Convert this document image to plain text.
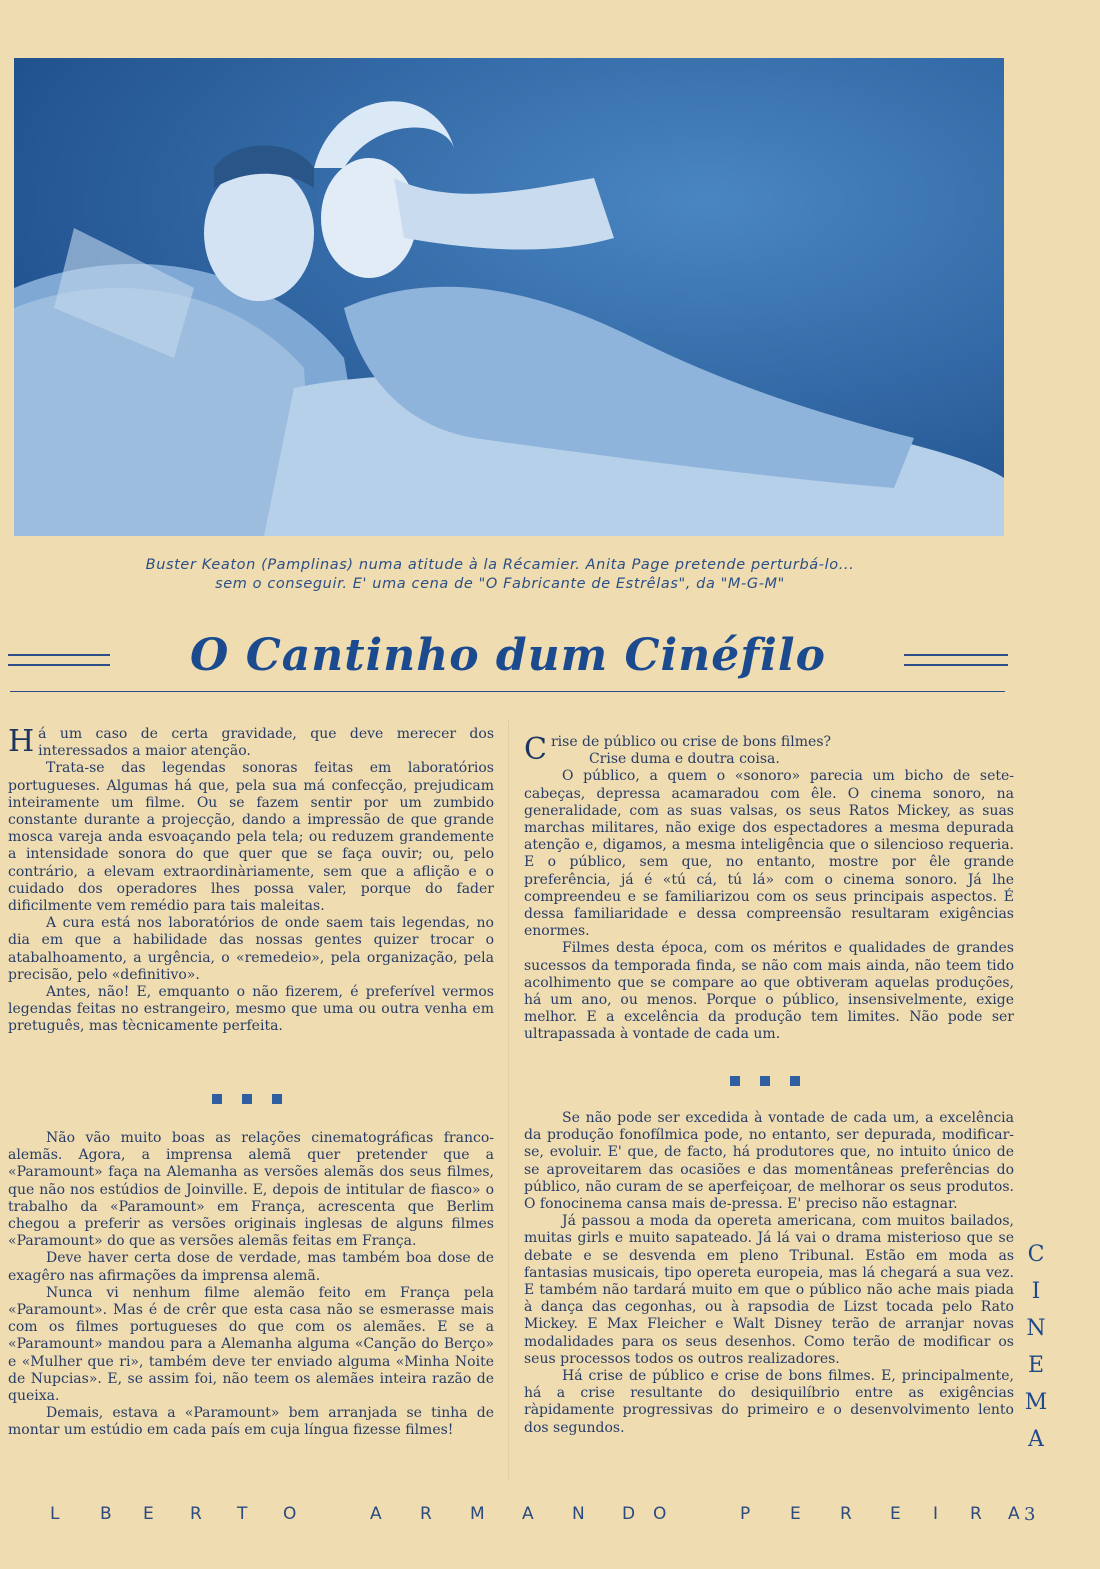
Buster Keaton (Pamplinas) numa atitude à la Récamier. Anita Page pretende perturbá-lo...
sem o conseguir. E' uma cena de "O Fabricante de Estrêlas", da "M-G-M"
O Cantinho dum Cinéfilo

Há um caso de certa gravidade, que deve merecer dos interessados a maior atenção.

Trata-se das legendas sonoras feitas em laboratórios portugueses. Algumas há que, pela sua má confecção, prejudicam inteiramente um filme. Ou se fazem sentir por um zumbido constante durante a projecção, dando a impressão de que grande mosca vareja anda esvoaçando pela tela; ou reduzem grandemente a intensidade sonora do que quer que se faça ouvir; ou, pelo contrário, a elevam extraordinàriamente, sem que a aflição e o cuidado dos operadores lhes possa valer, porque do fader dificilmente vem remédio para tais maleitas.

A cura está nos laboratórios de onde saem tais legendas, no dia em que a habilidade das nossas gentes quizer trocar o atabalhoamento, a urgência, o «remedeio», pela organização, pela precisão, pelo «definitivo».

Antes, não! E, emquanto o não fizerem, é preferível vermos legendas feitas no estrangeiro, mesmo que uma ou outra venha em pretuguês, mas tècnicamente perfeita.

Não vão muito boas as relações cinematográficas franco-alemãs. Agora, a imprensa alemã quer pretender que a «Paramount» faça na Alemanha as versões alemãs dos seus filmes, que não nos estúdios de Joinville. E, depois de intitular de fiasco» o trabalho da «Paramount» em França, acrescenta que Berlim chegou a preferir as versões originais inglesas de alguns filmes «Paramount» do que as versões alemãs feitas em França.

Deve haver certa dose de verdade, mas também boa dose de exagêro nas afirmações da imprensa alemã.

Nunca vi nenhum filme alemão feito em França pela «Paramount». Mas é de crêr que esta casa não se esmerasse mais com os filmes portugueses do que com os alemães. E se a «Paramount» mandou para a Alemanha alguma «Canção do Berço» e «Mulher que ri», também deve ter enviado alguma «Minha Noite de Nupcias». E, se assim foi, não teem os alemães inteira razão de queixa.

Demais, estava a «Paramount» bem arranjada se tinha de montar um estúdio em cada país em cuja língua fizesse filmes!

Crise de público ou crise de bons filmes?

Crise duma e doutra coisa.

O público, a quem o «sonoro» parecia um bicho de sete-cabeças, depressa acamaradou com êle. O cinema sonoro, na generalidade, com as suas valsas, os seus Ratos Mickey, as suas marchas militares, não exige dos espectadores a mesma depurada atenção e, digamos, a mesma inteligência que o silencioso requeria. E o público, sem que, no entanto, mostre por êle grande preferência, já é «tú cá, tú lá» com o cinema sonoro. Já lhe compreendeu e se familiarizou com os seus principais aspectos. É dessa familiaridade e dessa compreensão resultaram exigências enormes.

Filmes desta época, com os méritos e qualidades de grandes sucessos da temporada finda, se não com mais ainda, não teem tido acolhimento que se compare ao que obtiveram aquelas produções, há um ano, ou menos. Porque o público, insensivelmente, exige melhor. E a excelência da produção tem limites. Não pode ser ultrapassada à vontade de cada um.

Se não pode ser excedida à vontade de cada um, a excelência da produção fonofílmica pode, no entanto, ser depurada, modificar-se, evoluir. E' que, de facto, há produtores que, no intuito único de se aproveitarem das ocasiões e das momentâneas preferências do público, não curam de se aperfeiçoar, de melhorar os seus produtos. O fonocinema cansa mais de-pressa. E' preciso não estagnar.

Já passou a moda da opereta americana, com muitos bailados, muitas girls e muito sapateado. Já lá vai o drama misterioso que se debate e se desvenda em pleno Tribunal. Estão em moda as fantasias musicais, tipo opereta europeia, mas lá chegará a sua vez. E também não tardará muito em que o público não ache mais piada à dança das cegonhas, ou à rapsodia de Lizst tocada pelo Rato Mickey. E Max Fleicher e Walt Disney terão de arranjar novas modalidades para os seus desenhos. Como terão de modificar os seus processos todos os outros realizadores.

Há crise de público e crise de bons filmes. E, principalmente, há a crise resultante do desiquilíbrio entre as exigências ràpidamente progressivas do primeiro e o desenvolvimento lento dos segundos.

C
I
N
E
M
A
L B E R T O	A R M A N D O	P E R E I R A 3
